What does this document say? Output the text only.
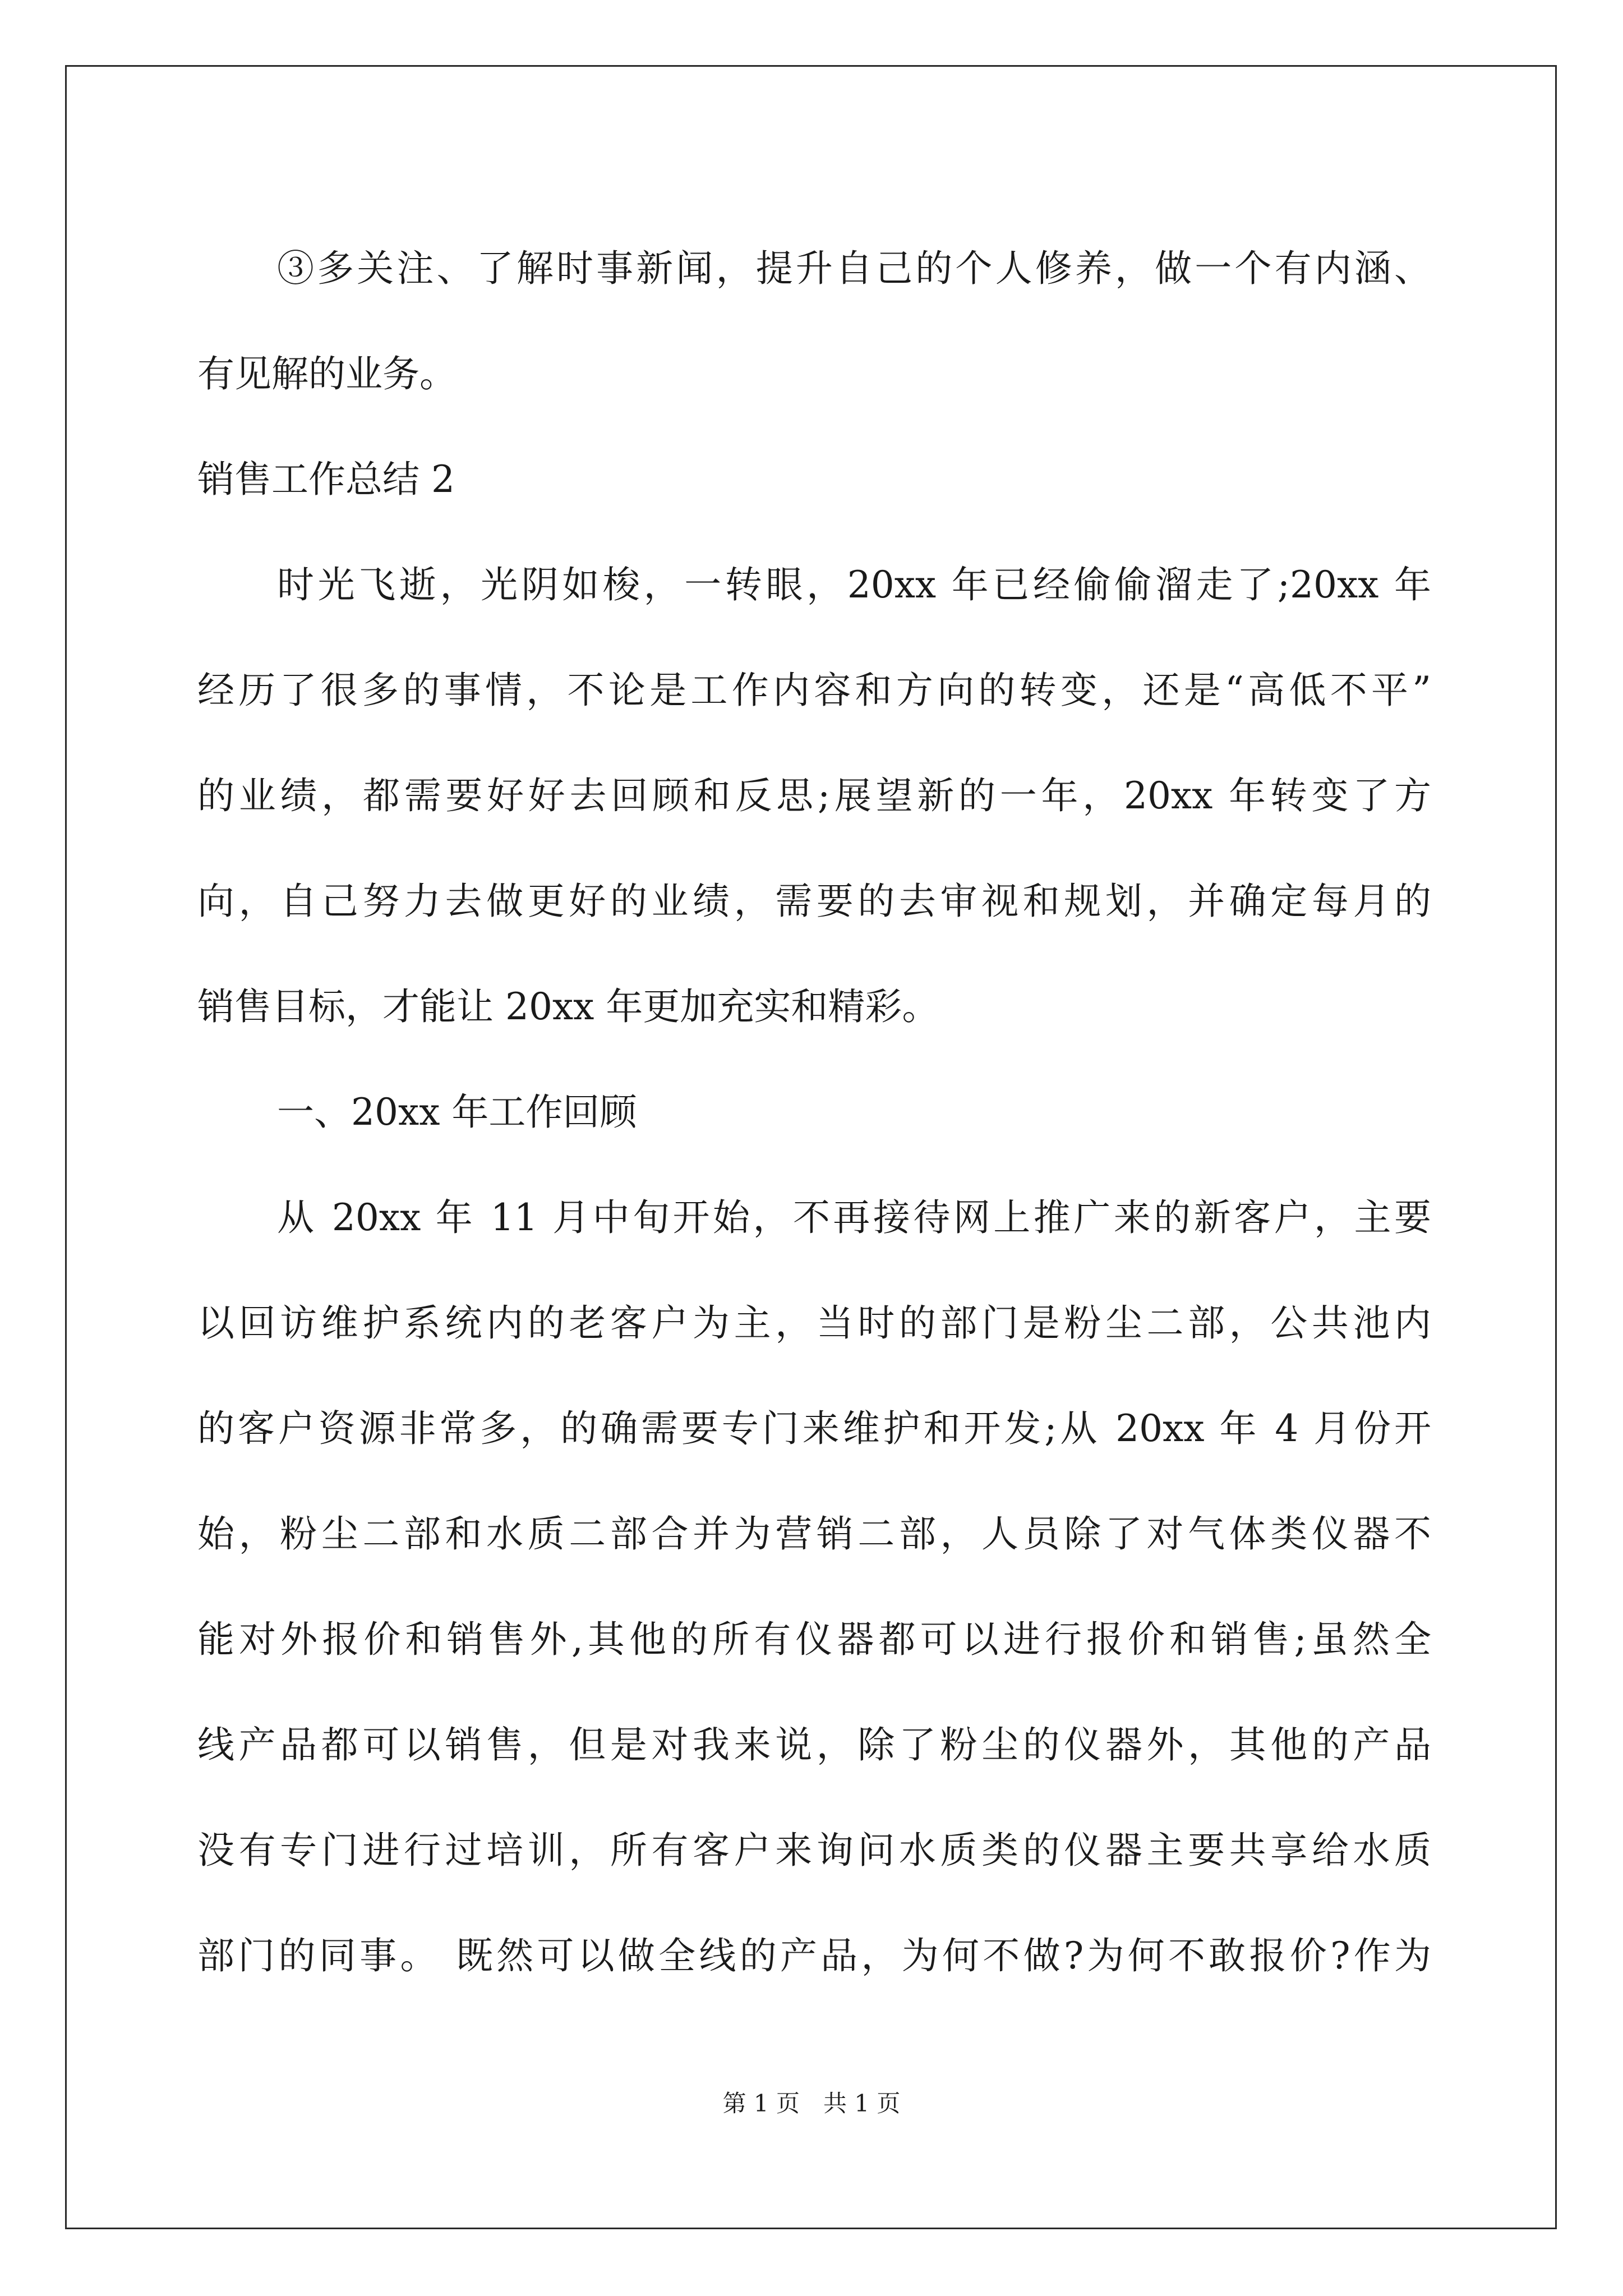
③多关注、了解时事新闻，提升自己的个人修养，做一个有内涵、
有见解的业务。
销售工作总结 2
时光飞逝，光阴如梭，一转眼，20xx 年已经偷偷溜走了;20xx 年
经历了很多的事情，不论是工作内容和方向的转变，还是“高低不平”
的业绩，都需要好好去回顾和反思;展望新的一年，20xx 年转变了方
向，自己努力去做更好的业绩，需要的去审视和规划，并确定每月的
销售目标，才能让 20xx 年更加充实和精彩。
一、20xx 年工作回顾
从 20xx 年 11 月中旬开始，不再接待网上推广来的新客户，主要
以回访维护系统内的老客户为主，当时的部门是粉尘二部，公共池内
的客户资源非常多，的确需要专门来维护和开发;从 20xx 年 4 月份开
始，粉尘二部和水质二部合并为营销二部，人员除了对气体类仪器不
能对外报价和销售外,其他的所有仪器都可以进行报价和销售;虽然全
线产品都可以销售，但是对我来说，除了粉尘的仪器外，其他的产品
没有专门进行过培训，所有客户来询问水质类的仪器主要共享给水质
部门的同事。 既然可以做全线的产品，为何不做?为何不敢报价?作为
第 1 页　共 1 页
